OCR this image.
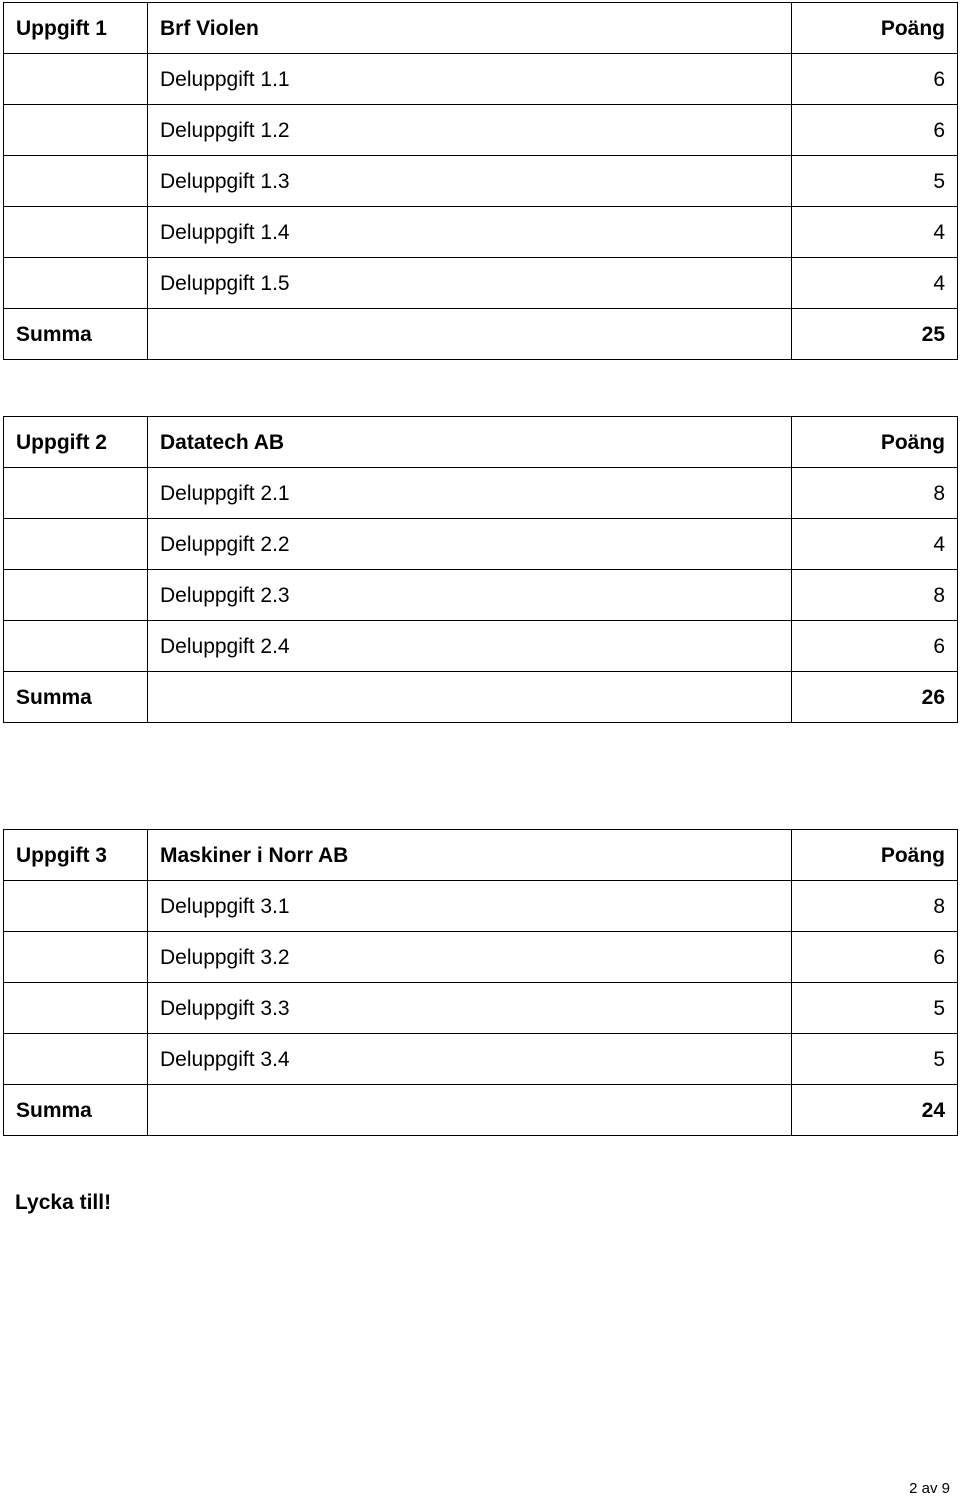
Uppgift 1	Brf Violen	Poäng
	Deluppgift 1.1	6
	Deluppgift 1.2	6
	Deluppgift 1.3	5
	Deluppgift 1.4	4
	Deluppgift 1.5	4
Summa		25
Uppgift 2	Datatech AB	Poäng
	Deluppgift 2.1	8
	Deluppgift 2.2	4
	Deluppgift 2.3	8
	Deluppgift 2.4	6
Summa		26
Uppgift 3	Maskiner i Norr AB	Poäng
	Deluppgift 3.1	8
	Deluppgift 3.2	6
	Deluppgift 3.3	5
	Deluppgift 3.4	5
Summa		24
Lycka till!
2 av 9
